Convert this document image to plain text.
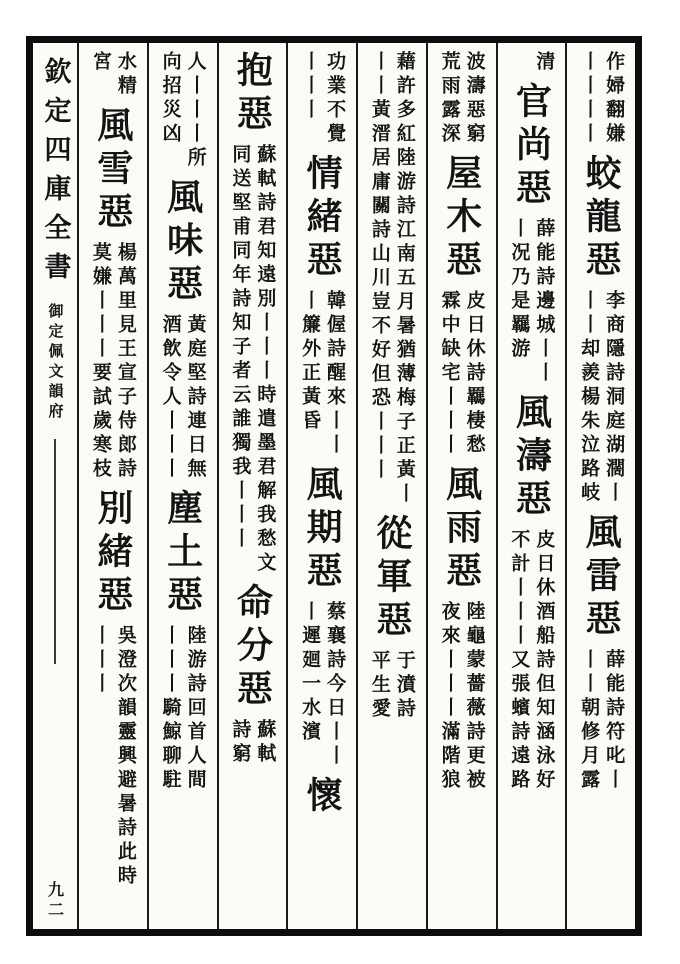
作婦翻嫌
丨丨丨丨
蛟龍惡
李商隱詩洞庭湖濶丨
丨丨却羨楊朱泣路岐
風雷惡
薛能詩符叱丨
丨丨朝修月露
清
官尚惡
薛能詩邊城丨丨
丨况乃是羈游
風濤惡
皮日休酒船詩但知涵泳好
不計丨丨丨又張蠙詩遠路
波濤惡窮
荒雨露深
屋木惡
皮日休詩羈棲愁
霖中缺宅丨丨丨
風雨惡
陸龜蒙薔薇詩更被
夜來丨丨丨滿階狼
藉許多紅陸游詩江南五月暑猶薄梅子正黃丨
丨丨黃溍居庸關詩山川豈不好但恐丨丨丨
從軍惡
于濆詩
平生愛
功業不覺
丨丨丨
情緒惡
韓偓詩醒來丨丨
丨簾外正黃昏
風期惡
蔡襄詩今日丨丨
丨遲廻一水濱
懷
抱惡
蘇軾詩君知遠別丨丨丨時遣墨君解我愁文
同送堅甫同年詩知子者云誰獨我丨丨丨
命分惡
蘇軾
詩窮
人丨丨丨所
向招災凶
風味惡
黃庭堅詩連日無
酒飲令人丨丨丨
塵土惡
陸游詩回首人間
丨丨丨騎鯨聊駐
水精
宮
風雪惡
楊萬里見王宣子侍郎詩
莫嫌丨丨丨要試歲寒枝
別緒惡
吳澄次韻靈興避暑詩此時
丨丨丨
欽定四庫全書
御定佩文韻府
九二
